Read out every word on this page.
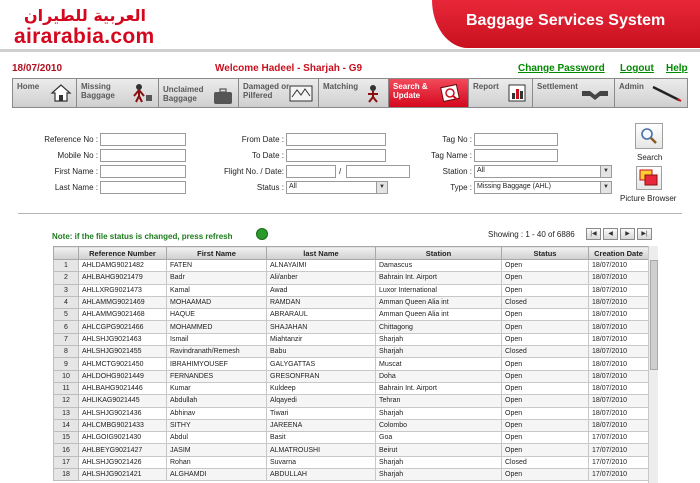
العربية للطيران
airarabia.com
Baggage Services System
18/07/2010	Welcome Hadeel - Sharjah - G9	Change Password Logout Help
Home	Missing
Baggage
Unclaimed
Baggage
Damaged or
Pilfered
Matching	Search &
Update
Report	Settlement	Admin
Reference No :
Mobile No :
First Name :
Last Name :
From Date :
To Date :
Flight No. / Date:	/
Status : All	▼
Tag No :
Tag Name :
Station : All	▼
Type : Missing Baggage (AHL)	▼
Search
Picture Browser
Note: if the file status is changed, press refresh	Showing : 1 - 40 of 6886	|◀	◀	▶	▶|
	Reference Number	First Name	last Name	Station	Status	Creation Date
1	AHLDAMG9021482	FATEN	ALNAYAIMI	Damascus	Open	18/07/2010
2	AHLBAHG9021479	Badr	Ali/anber	Bahrain Int. Airport	Open	18/07/2010
3	AHLLXRG9021473	Kamal	Awad	Luxor International	Open	18/07/2010
4	AHLAMMG9021469	MOHAAMAD	RAMDAN	Amman Queen Alia int	Closed	18/07/2010
5	AHLAMMG9021468	HAQUE	ABRARAUL	Amman Queen Alia int	Open	18/07/2010
6	AHLCGPG9021466	MOHAMMED	SHAJAHAN	Chittagong	Open	18/07/2010
7	AHLSHJG9021463	Ismail	Miahtanzir	Sharjah	Open	18/07/2010
8	AHLSHJG9021455	Ravindranath/Remesh	Babu	Sharjah	Closed	18/07/2010
9	AHLMCTG9021450	IBRAHIMYOUSEF	GALYGATTAS	Muscat	Open	18/07/2010
10	AHLDOHG9021449	FERNANDES	GRESONFRAN	Doha	Open	18/07/2010
11	AHLBAHG9021446	Kumar	Kuldeep	Bahrain Int. Airport	Open	18/07/2010
12	AHLIKAG9021445	Abdullah	Alqayedi	Tehran	Open	18/07/2010
13	AHLSHJG9021436	Abhinav	Tiwari	Sharjah	Open	18/07/2010
14	AHLCMBG9021433	SITHY	JAREENA	Colombo	Open	18/07/2010
15	AHLGOIG9021430	Abdul	Basit	Goa	Open	17/07/2010
16	AHLBEYG9021427	JASIM	ALMATROUSHI	Beirut	Open	17/07/2010
17	AHLSHJG9021426	Rohan	Suvarna	Sharjah	Closed	17/07/2010
18	AHLSHJG9021421	ALGHAMDI	ABDULLAH	Sharjah	Open	17/07/2010
